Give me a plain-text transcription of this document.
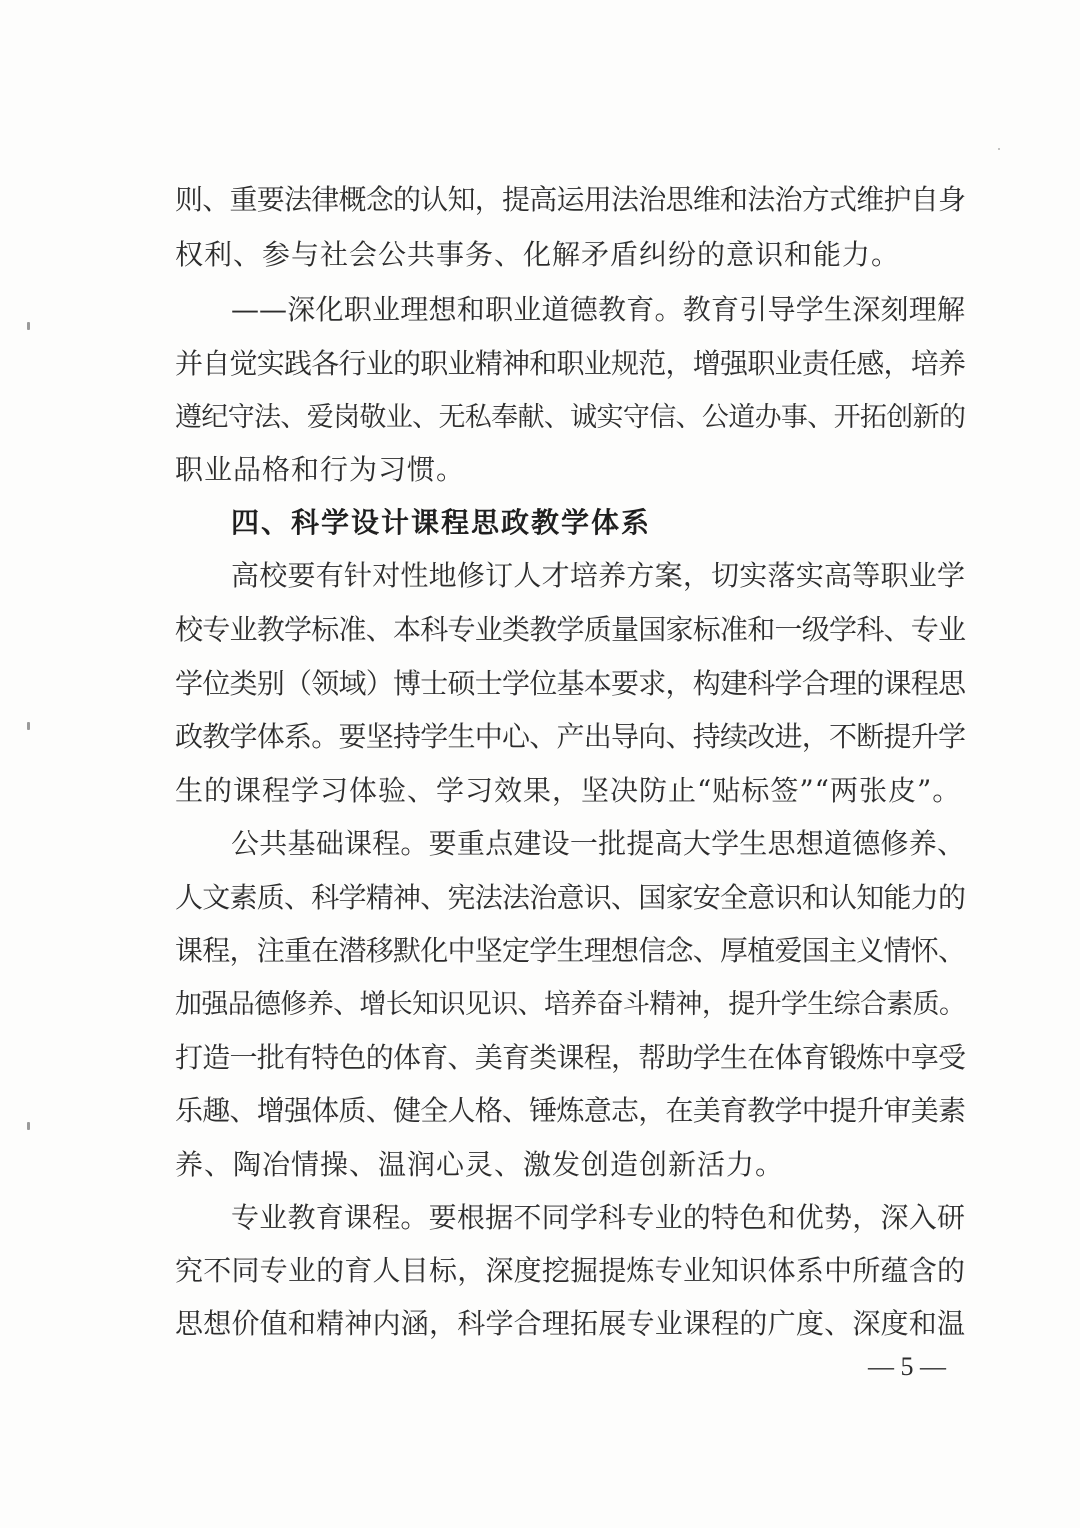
则、重要法律概念的认知，提高运用法治思维和法治方式维护自身
权利、参与社会公共事务、化解矛盾纠纷的意识和能力。
——深化职业理想和职业道德教育。教育引导学生深刻理解
并自觉实践各行业的职业精神和职业规范，增强职业责任感，培养
遵纪守法、爱岗敬业、无私奉献、诚实守信、公道办事、开拓创新的
职业品格和行为习惯。
四、科学设计课程思政教学体系
高校要有针对性地修订人才培养方案，切实落实高等职业学
校专业教学标准、本科专业类教学质量国家标准和一级学科、专业
学位类别（领域）博士硕士学位基本要求，构建科学合理的课程思
政教学体系。要坚持学生中心、产出导向、持续改进，不断提升学
生的课程学习体验、学习效果，坚决防止“贴标签”“两张皮”。
公共基础课程。要重点建设一批提高大学生思想道德修养、
人文素质、科学精神、宪法法治意识、国家安全意识和认知能力的
课程，注重在潜移默化中坚定学生理想信念、厚植爱国主义情怀、
加强品德修养、增长知识见识、培养奋斗精神，提升学生综合素质。
打造一批有特色的体育、美育类课程，帮助学生在体育锻炼中享受
乐趣、增强体质、健全人格、锤炼意志，在美育教学中提升审美素
养、陶冶情操、温润心灵、激发创造创新活力。
专业教育课程。要根据不同学科专业的特色和优势，深入研
究不同专业的育人目标，深度挖掘提炼专业知识体系中所蕴含的
思想价值和精神内涵，科学合理拓展专业课程的广度、深度和温
— 5 —
